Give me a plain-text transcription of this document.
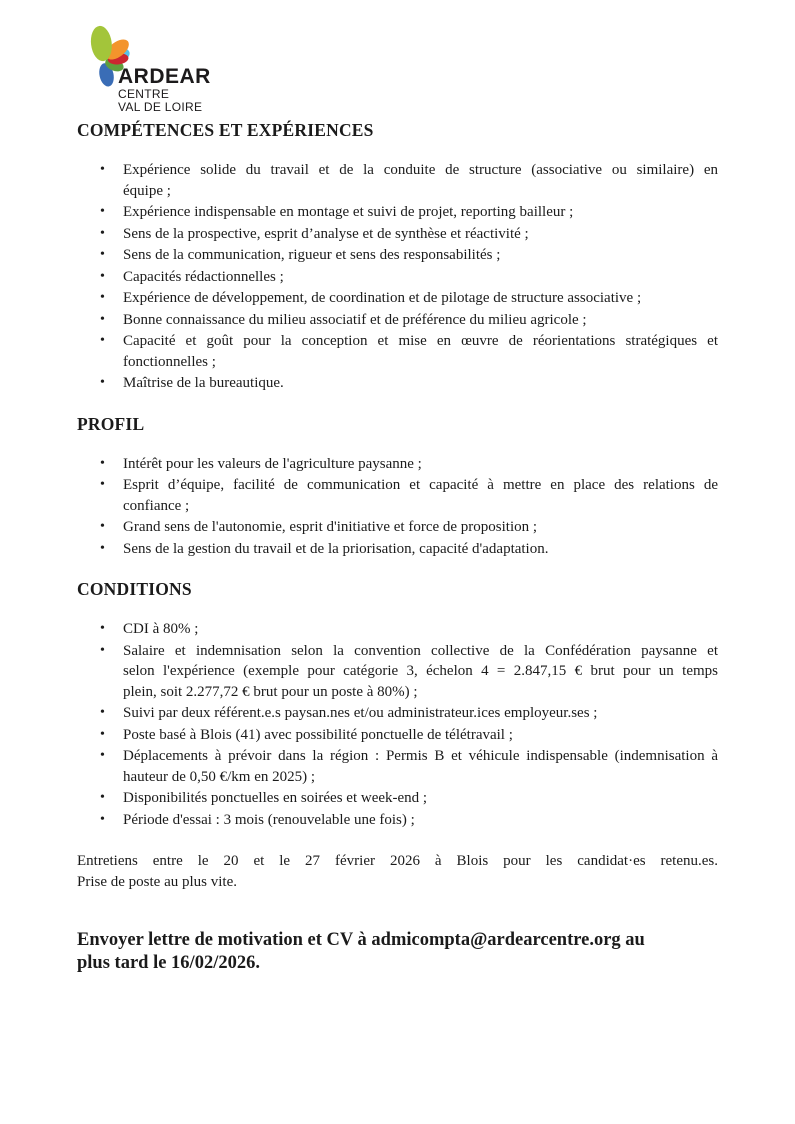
ARDEAR
CENTRE
VAL DE LOIRE
COMPÉTENCES ET EXPÉRIENCES
•	Expérience solide du travail et de la conduite de structure (associative ou similaire) en
équipe ;
•	Expérience indispensable en montage et suivi de projet, reporting bailleur ;
•	Sens de la prospective, esprit d’analyse et de synthèse et réactivité ;
•	Sens de la communication, rigueur et sens des responsabilités ;
•	Capacités rédactionnelles ;
•	Expérience de développement, de coordination et de pilotage de structure associative ;
•	Bonne connaissance du milieu associatif et de préférence du milieu agricole ;
•	Capacité et goût pour la conception et mise en œuvre de réorientations stratégiques et
fonctionnelles ;
•	Maîtrise de la bureautique.
PROFIL
•	Intérêt pour les valeurs de l'agriculture paysanne ;
•	Esprit d’équipe, facilité de communication et capacité à mettre en place des relations de
confiance ;
•	Grand sens de l'autonomie, esprit d'initiative et force de proposition ;
•	Sens de la gestion du travail et de la priorisation, capacité d'adaptation.
CONDITIONS
•	CDI à 80% ;
•	Salaire et indemnisation selon la convention collective de la Confédération paysanne et
selon l'expérience (exemple pour catégorie 3, échelon 4 = 2.847,15 € brut pour un temps
plein, soit 2.277,72 € brut pour un poste à 80%) ;
•	Suivi par deux référent.e.s paysan.nes et/ou administrateur.ices employeur.ses ;
•	Poste basé à Blois (41) avec possibilité ponctuelle de télétravail ;
•	Déplacements à prévoir dans la région : Permis B et véhicule indispensable (indemnisation à
hauteur de 0,50 €/km en 2025) ;
•	Disponibilités ponctuelles en soirées et week-end ;
•	Période d'essai : 3 mois (renouvelable une fois) ;

Entretiens entre le 20 et le 27 février 2026 à Blois pour les candidat·es retenu.es.
Prise de poste au plus vite.

Envoyer lettre de motivation et CV à admicompta@ardearcentre.org au
plus tard le 16/02/2026.
